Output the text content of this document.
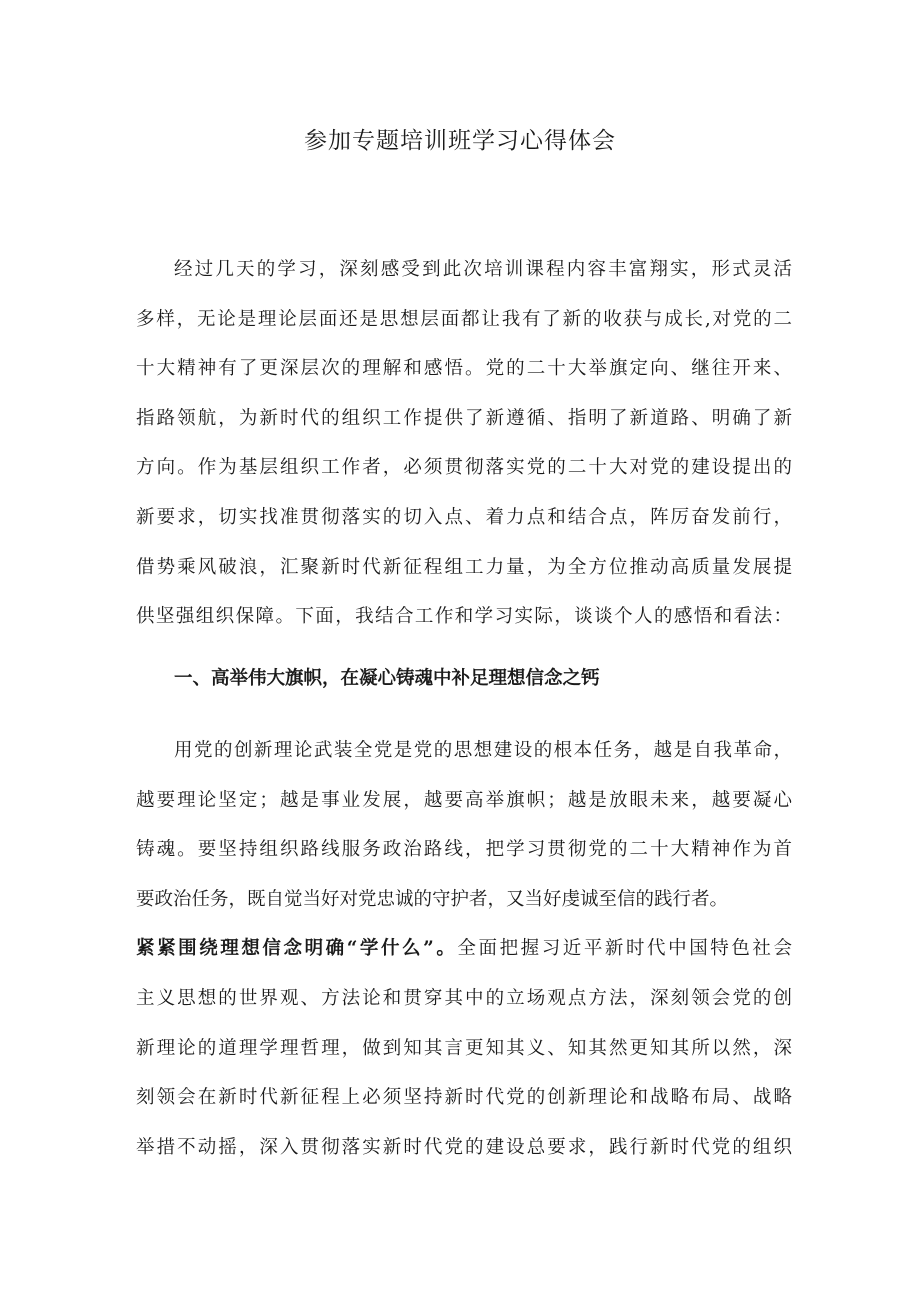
参加专题培训班学习心得体会
经过几天的学习，深刻感受到此次培训课程内容丰富翔实，形式灵活
多样，无论是理论层面还是思想层面都让我有了新的收获与成长,对党的二
十大精神有了更深层次的理解和感悟。党的二十大举旗定向、继往开来、
指路领航，为新时代的组织工作提供了新遵循、指明了新道路、明确了新
方向。作为基层组织工作者，必须贯彻落实党的二十大对党的建设提出的
新要求，切实找准贯彻落实的切入点、着力点和结合点，阵厉奋发前行，
借势乘风破浪，汇聚新时代新征程组工力量，为全方位推动高质量发展提
供坚强组织保障。下面，我结合工作和学习实际，谈谈个人的感悟和看法：
一、高举伟大旗帜，在凝心铸魂中补足理想信念之钙
用党的创新理论武装全党是党的思想建设的根本任务，越是自我革命，
越要理论坚定；越是事业发展，越要高举旗帜；越是放眼未来，越要凝心
铸魂。要坚持组织路线服务政治路线，把学习贯彻党的二十大精神作为首
要政治任务，既自觉当好对党忠诚的守护者，又当好虔诚至信的践行者。
紧紧围绕理想信念明确“学什么”。全面把握习近平新时代中国特色社会
主义思想的世界观、方法论和贯穿其中的立场观点方法，深刻领会党的创
新理论的道理学理哲理，做到知其言更知其义、知其然更知其所以然，深
刻领会在新时代新征程上必须坚持新时代党的创新理论和战略布局、战略
举措不动摇，深入贯彻落实新时代党的建设总要求，践行新时代党的组织
